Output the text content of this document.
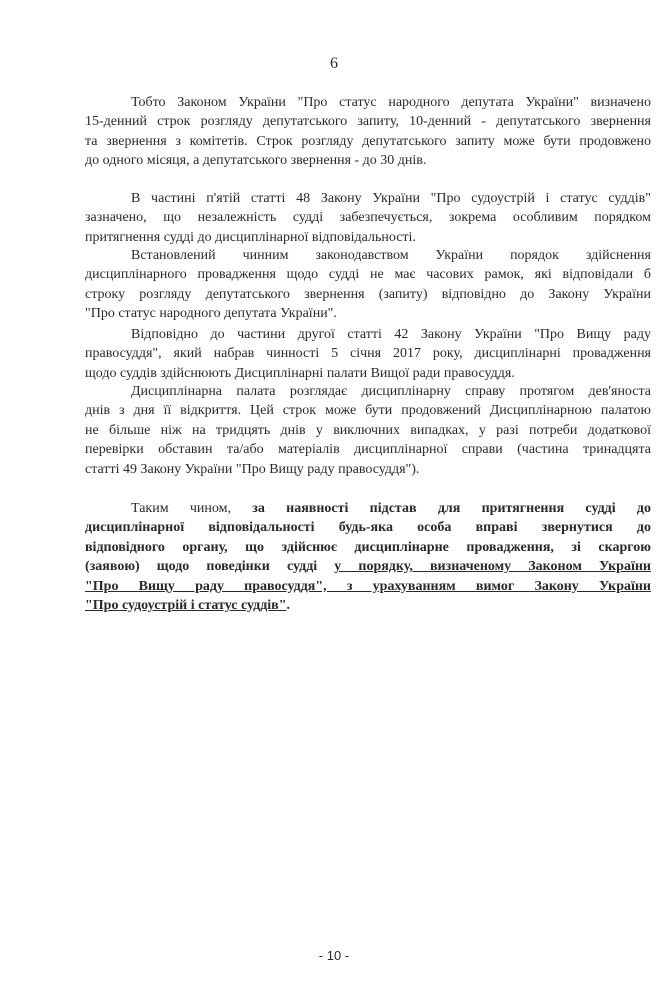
6
Тобто Законом України "Про статус народного депутата України" визначено
15-денний строк розгляду депутатського запиту, 10-денний - депутатського звернення
та звернення з комітетів. Строк розгляду депутатського запиту може бути продовжено
до одного місяця, а депутатського звернення - до 30 днів.
В частині п'ятій статті 48 Закону України "Про судоустрій і статус суддів"
зазначено, що незалежність судді забезпечується, зокрема особливим порядком
притягнення судді до дисциплінарної відповідальності.
Встановлений чинним законодавством України порядок здійснення
дисциплінарного провадження щодо судді не має часових рамок, які відповідали б
строку розгляду депутатського звернення (запиту) відповідно до Закону України
"Про статус народного депутата України".
Відповідно до частини другої статті 42 Закону України "Про Вищу раду
правосуддя", який набрав чинності 5 січня 2017 року, дисциплінарні провадження
щодо суддів здійснюють Дисциплінарні палати Вищої ради правосуддя.
Дисциплінарна палата розглядає дисциплінарну справу протягом дев'яноста
днів з дня її відкриття. Цей строк може бути продовжений Дисциплінарною палатою
не більше ніж на тридцять днів у виключних випадках, у разі потреби додаткової
перевірки обставин та/або матеріалів дисциплінарної справи (частина тринадцята
статті 49 Закону України "Про Вищу раду правосуддя").
Таким чином, за наявності підстав для притягнення судді до
дисциплінарної відповідальності будь-яка особа вправі звернутися до
відповідного органу, що здійснює дисциплінарне провадження, зі скаргою
(заявою) щодо поведінки судді у порядку, визначеному Законом України
"Про Вищу раду правосуддя", з урахуванням вимог Закону України
"Про судоустрій і статус суддів".
- 10 -
